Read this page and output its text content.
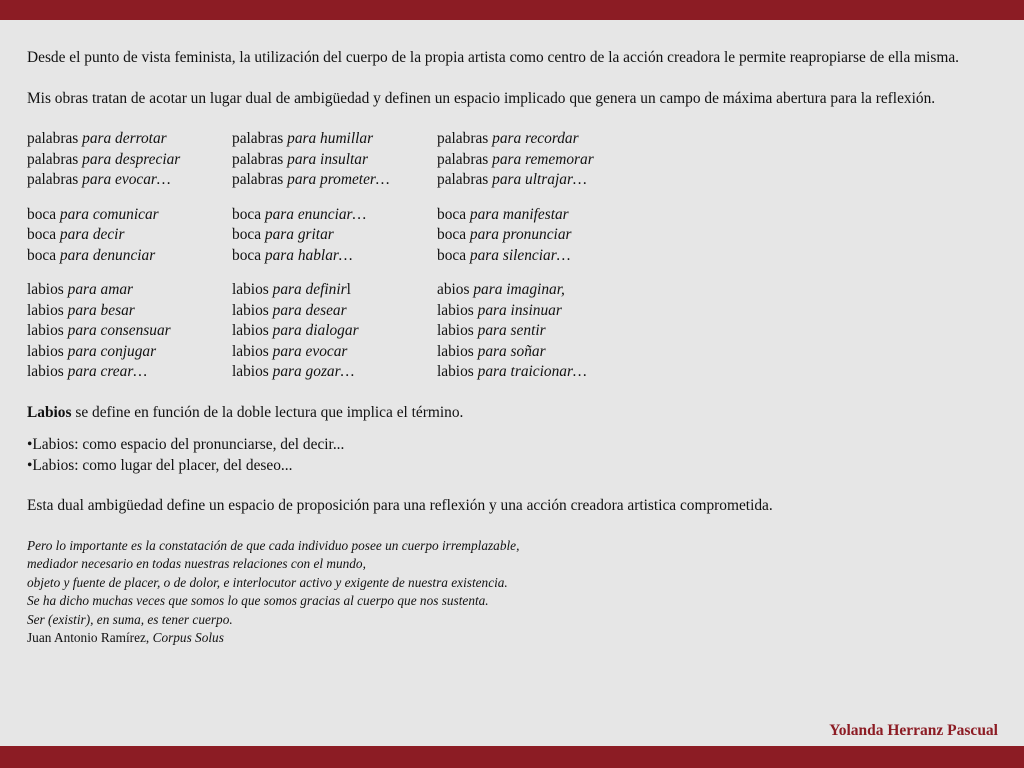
Desde el punto de vista feminista, la utilización del cuerpo de la propia artista como centro de la acción creadora le permite reapropiarse de ella misma.

Mis obras tratan de acotar un lugar dual de ambigüedad y definen un espacio implicado que genera un campo de máxima abertura para la reflexión.

palabras para derrotar	palabras para humillar	palabras para recordar
palabras para despreciar	palabras para insultar	palabras para rememorar
palabras para evocar…	palabras para prometer…	palabras para ultrajar…
boca para comunicar	boca para enunciar…	boca para manifestar
boca para decir	boca para gritar	boca para pronunciar
boca para denunciar	boca para hablar…	boca para silenciar…
labios para amar	labios para definirl	abios para imaginar,
labios para besar	labios para desear	labios para insinuar
labios para consensuar	labios para dialogar	labios para sentir
labios para conjugar	labios para evocar	labios para soñar
labios para crear…	labios para gozar…	labios para traicionar…

Labios se define en función de la doble lectura que implica el término.

•Labios: como espacio del pronunciarse, del decir...

•Labios: como lugar del placer, del deseo...

Esta dual ambigüedad define un espacio de proposición para una reflexión y una acción creadora artistica comprometida.

Pero lo importante es la constatación de que cada individuo posee un cuerpo irremplazable,

mediador necesario en todas nuestras relaciones con el mundo,

objeto y fuente de placer, o de dolor, e interlocutor activo y exigente de nuestra existencia.

Se ha dicho muchas veces que somos lo que somos gracias al cuerpo que nos sustenta.

Ser (existir), en suma, es tener cuerpo.

Juan Antonio Ramírez, Corpus Solus

Yolanda Herranz Pascual
